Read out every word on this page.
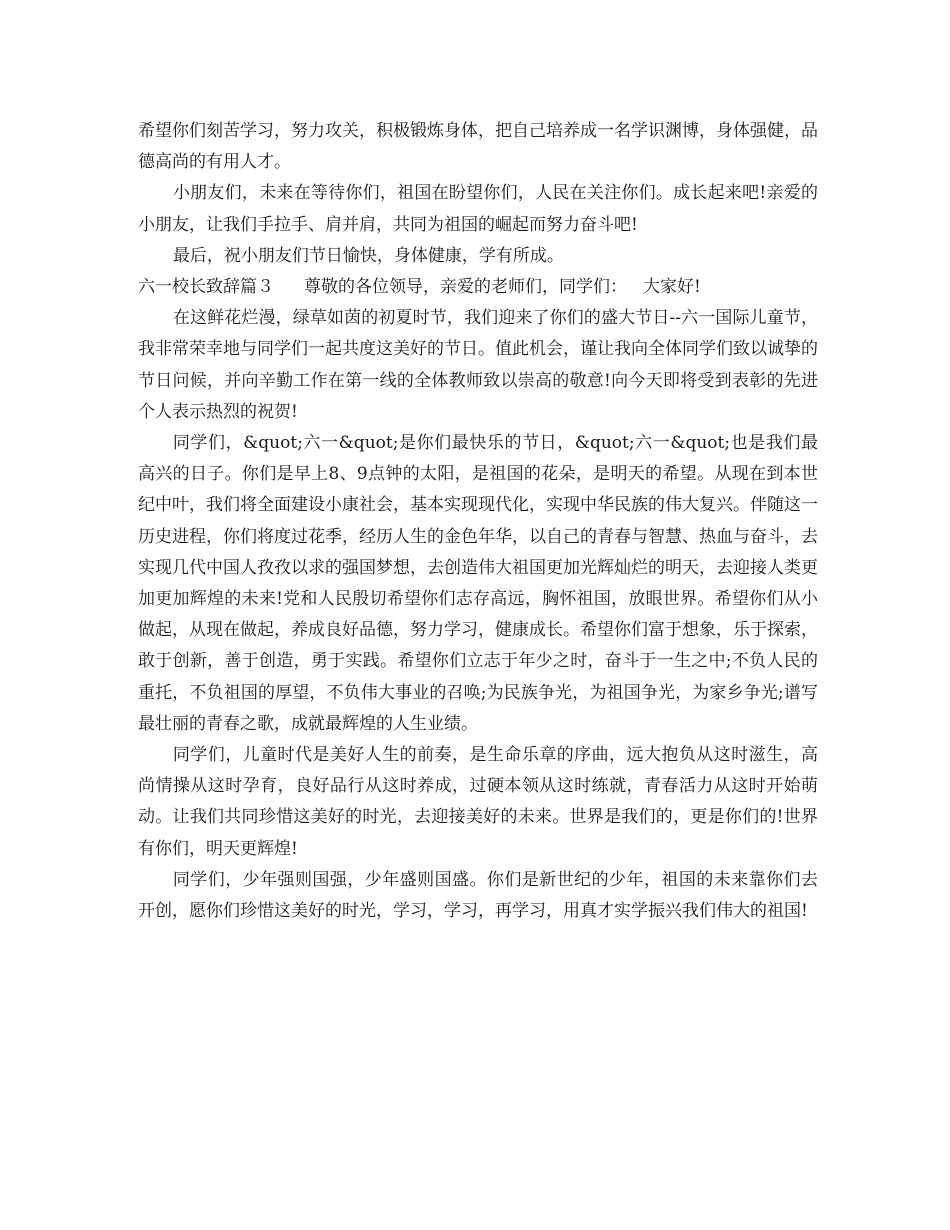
希望你们刻苦学习，努力攻关，积极锻炼身体，把自己培养成一名学识渊博，身体强健，品德高尚的有用人才。

小朋友们，未来在等待你们，祖国在盼望你们，人民在关注你们。成长起来吧!亲爱的小朋友，让我们手拉手、肩并肩，共同为祖国的崛起而努力奋斗吧!

最后，祝小朋友们节日愉快，身体健康，学有所成。

六一校长致辞篇３ 尊敬的各位领导，亲爱的老师们，同学们： 大家好!

在这鲜花烂漫，绿草如茵的初夏时节，我们迎来了你们的盛大节日--六一国际儿童节，我非常荣幸地与同学们一起共度这美好的节日。值此机会，谨让我向全体同学们致以诚挚的节日问候，并向辛勤工作在第一线的全体教师致以崇高的敬意!向今天即将受到表彰的先进个人表示热烈的祝贺!

同学们，&quot;六一&quot;是你们最快乐的节日，&quot;六一&quot;也是我们最高兴的日子。你们是早上8、9点钟的太阳，是祖国的花朵，是明天的希望。从现在到本世纪中叶，我们将全面建设小康社会，基本实现现代化，实现中华民族的伟大复兴。伴随这一历史进程，你们将度过花季，经历人生的金色年华，以自己的青春与智慧、热血与奋斗，去实现几代中国人孜孜以求的强国梦想，去创造伟大祖国更加光辉灿烂的明天，去迎接人类更加更加辉煌的未来!党和人民殷切希望你们志存高远，胸怀祖国，放眼世界。希望你们从小做起，从现在做起，养成良好品德，努力学习，健康成长。希望你们富于想象，乐于探索，敢于创新，善于创造，勇于实践。希望你们立志于年少之时，奋斗于一生之中;不负人民的重托，不负祖国的厚望，不负伟大事业的召唤;为民族争光，为祖国争光，为家乡争光;谱写最壮丽的青春之歌，成就最辉煌的人生业绩。

同学们，儿童时代是美好人生的前奏，是生命乐章的序曲，远大抱负从这时滋生，高尚情操从这时孕育，良好品行从这时养成，过硬本领从这时练就，青春活力从这时开始萌动。让我们共同珍惜这美好的时光，去迎接美好的未来。世界是我们的，更是你们的!世界有你们，明天更辉煌!

同学们，少年强则国强，少年盛则国盛。你们是新世纪的少年，祖国的未来靠你们去开创，愿你们珍惜这美好的时光，学习，学习，再学习，用真才实学振兴我们伟大的祖国!
